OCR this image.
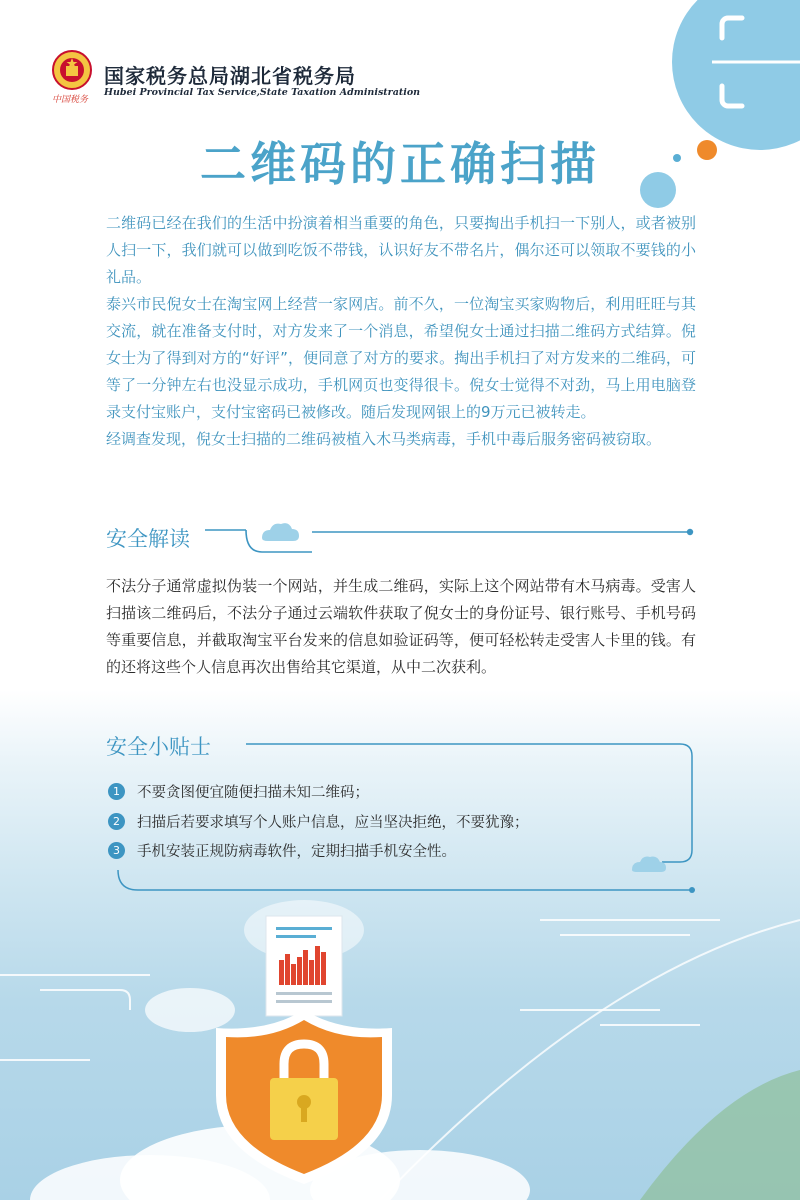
中国税务
国家税务总局湖北省税务局
Hubei Provincial Tax Service,State Taxation Administration
二维码的正确扫描

二维码已经在我们的生活中扮演着相当重要的角色，只要掏出手机扫一下别人，或者被别人扫一下，我们就可以做到吃饭不带钱，认识好友不带名片，偶尔还可以领取不要钱的小礼品。

泰兴市民倪女士在淘宝网上经营一家网店。前不久，一位淘宝买家购物后，利用旺旺与其交流，就在准备支付时，对方发来了一个消息，希望倪女士通过扫描二维码方式结算。倪女士为了得到对方的“好评”，便同意了对方的要求。掏出手机扫了对方发来的二维码，可等了一分钟左右也没显示成功，手机网页也变得很卡。倪女士觉得不对劲，马上用电脑登录支付宝账户，支付宝密码已被修改。随后发现网银上的9万元已被转走。

经调查发现，倪女士扫描的二维码被植入木马类病毒，手机中毒后服务密码被窃取。

安全解读

不法分子通常虚拟伪装一个网站，并生成二维码，实际上这个网站带有木马病毒。受害人扫描该二维码后，不法分子通过云端软件获取了倪女士的身份证号、银行账号、手机号码等重要信息，并截取淘宝平台发来的信息如验证码等，便可轻松转走受害人卡里的钱。有的还将这些个人信息再次出售给其它渠道，从中二次获利。

安全小贴士
1	不要贪图便宜随便扫描未知二维码；
2	扫描后若要求填写个人账户信息，应当坚决拒绝，不要犹豫；
3	手机安装正规防病毒软件，定期扫描手机安全性。
